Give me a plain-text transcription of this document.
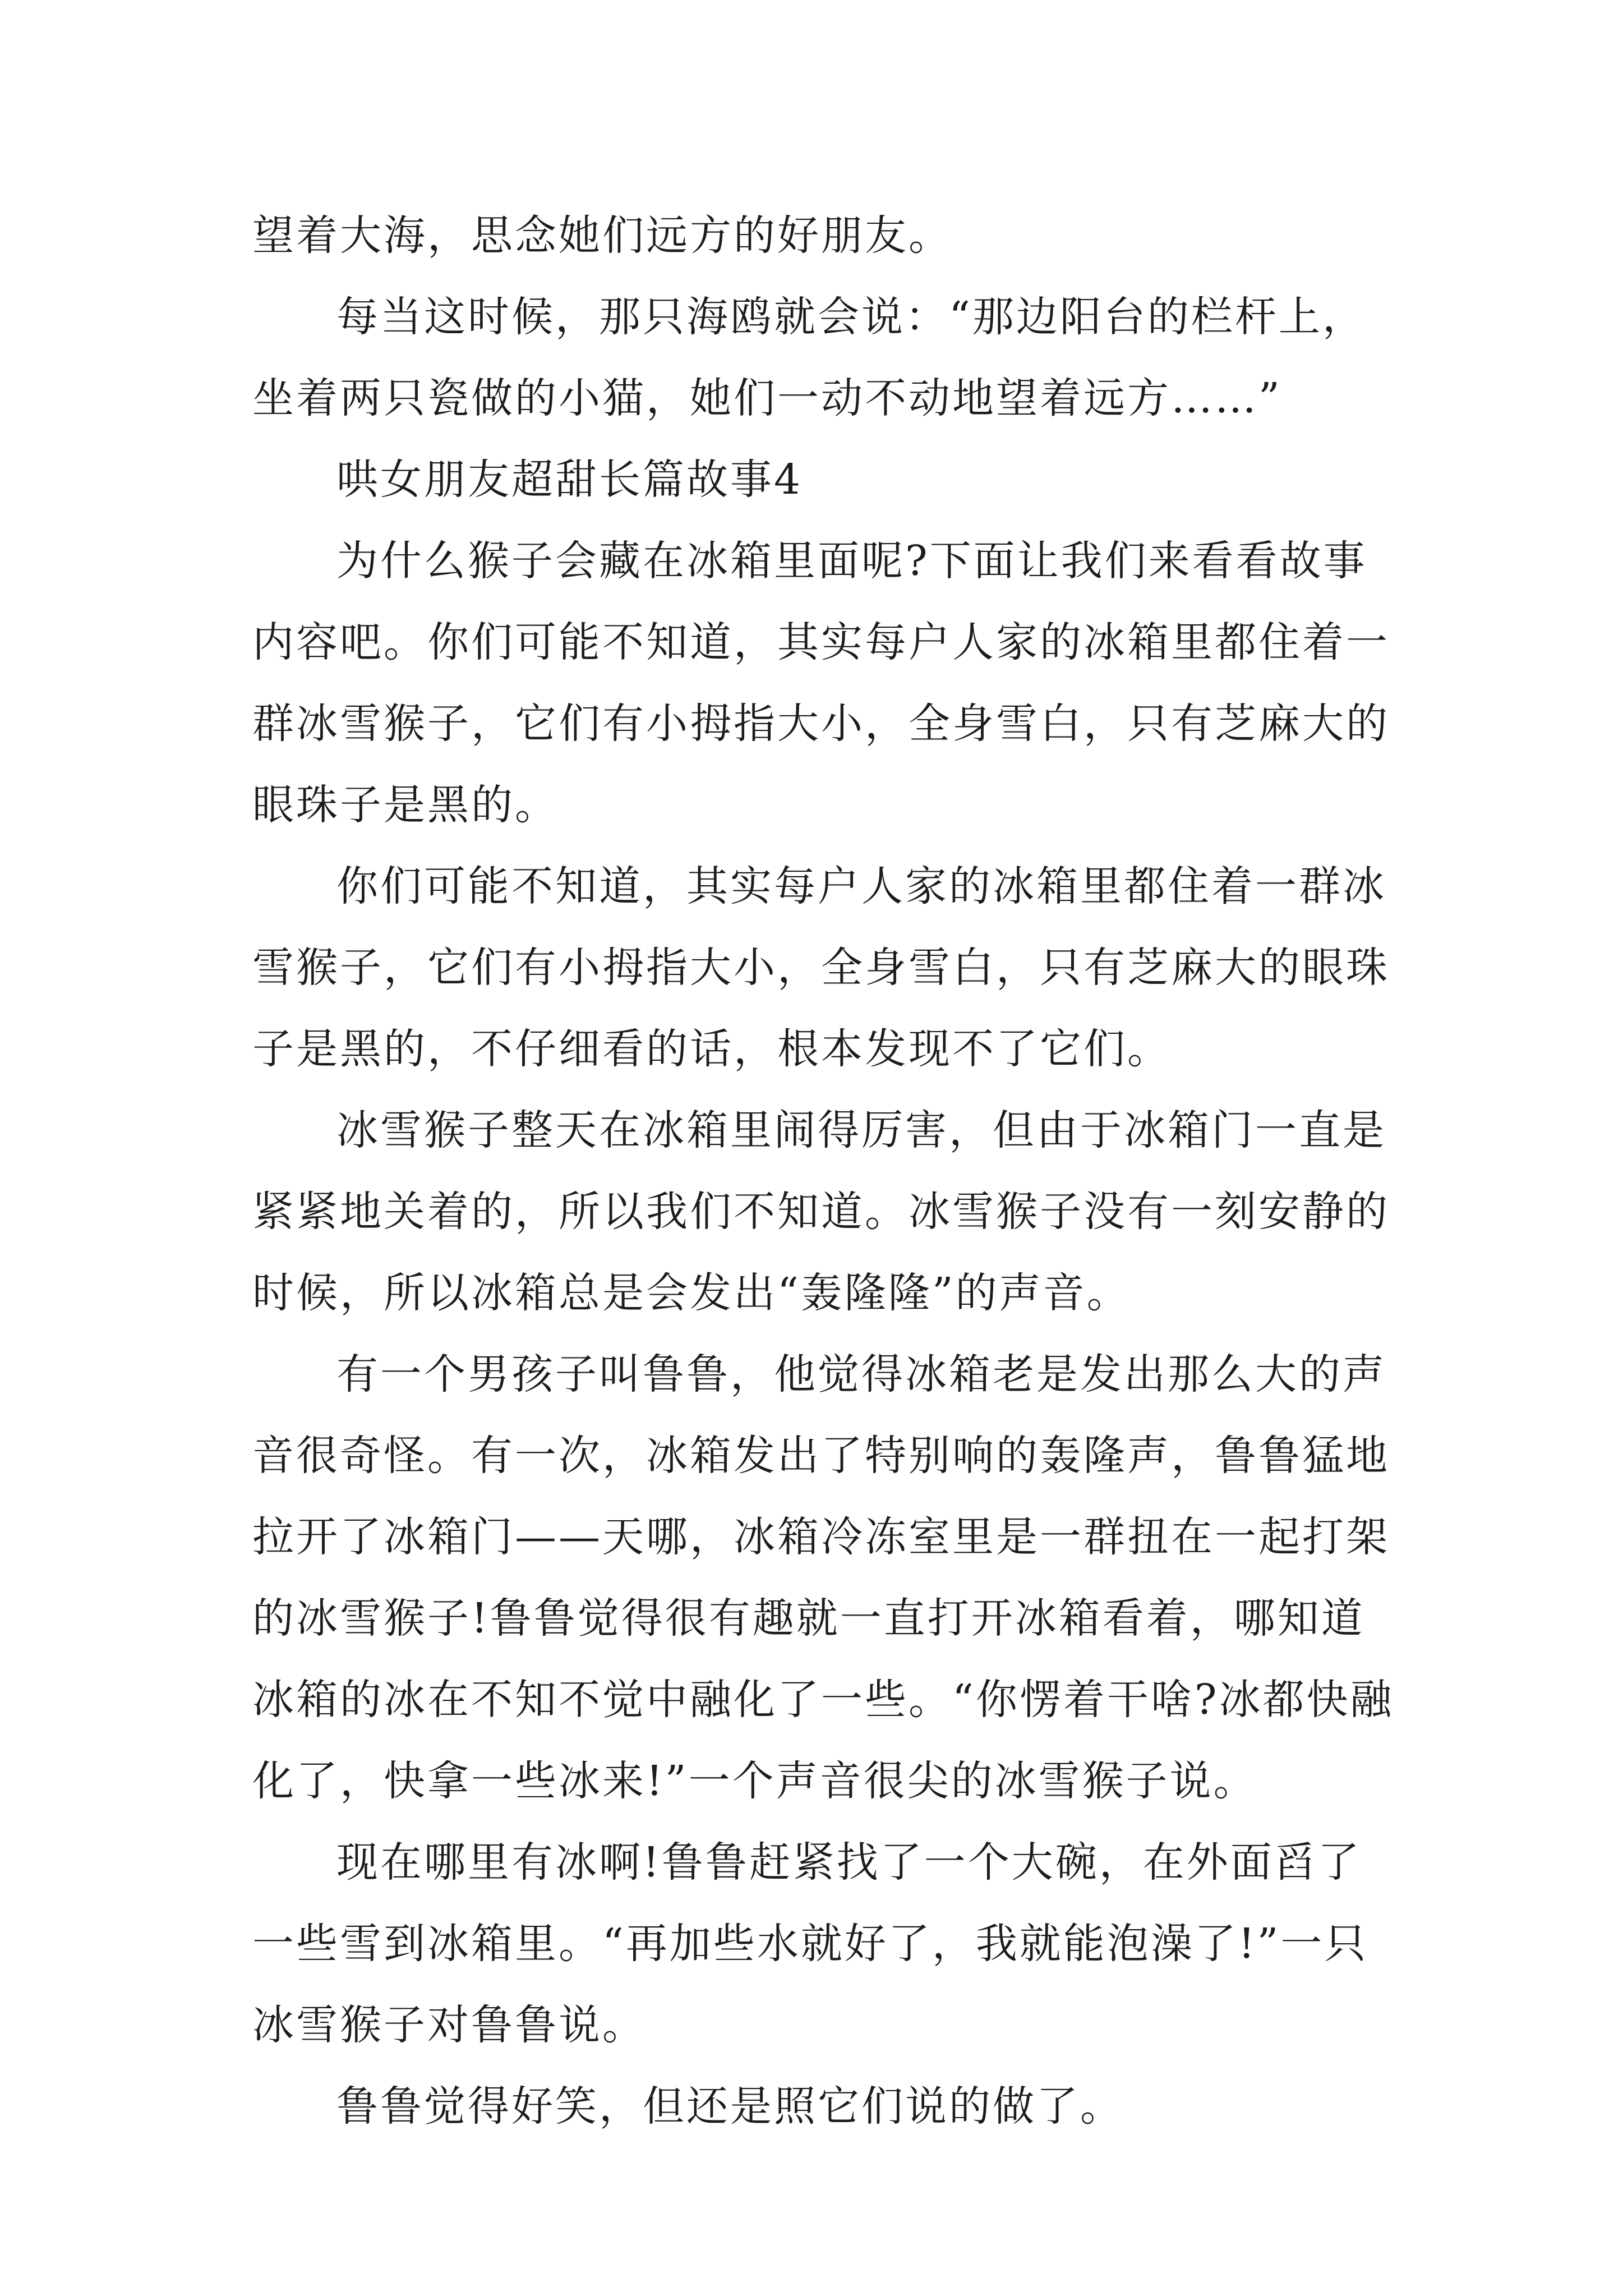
望着大海，思念她们远方的好朋友。

每当这时候，那只海鸥就会说：“那边阳台的栏杆上，

坐着两只瓷做的小猫，她们一动不动地望着远方……”

哄女朋友超甜长篇故事4

为什么猴子会藏在冰箱里面呢?下面让我们来看看故事

内容吧。你们可能不知道，其实每户人家的冰箱里都住着一

群冰雪猴子，它们有小拇指大小，全身雪白，只有芝麻大的

眼珠子是黑的。

你们可能不知道，其实每户人家的冰箱里都住着一群冰

雪猴子，它们有小拇指大小，全身雪白，只有芝麻大的眼珠

子是黑的，不仔细看的话，根本发现不了它们。

冰雪猴子整天在冰箱里闹得厉害，但由于冰箱门一直是

紧紧地关着的，所以我们不知道。冰雪猴子没有一刻安静的

时候，所以冰箱总是会发出“轰隆隆”的声音。

有一个男孩子叫鲁鲁，他觉得冰箱老是发出那么大的声

音很奇怪。有一次，冰箱发出了特别响的轰隆声，鲁鲁猛地

拉开了冰箱门——天哪，冰箱冷冻室里是一群扭在一起打架

的冰雪猴子!鲁鲁觉得很有趣就一直打开冰箱看着，哪知道

冰箱的冰在不知不觉中融化了一些。“你愣着干啥?冰都快融

化了，快拿一些冰来!”一个声音很尖的冰雪猴子说。

现在哪里有冰啊!鲁鲁赶紧找了一个大碗，在外面舀了

一些雪到冰箱里。“再加些水就好了，我就能泡澡了!”一只

冰雪猴子对鲁鲁说。

鲁鲁觉得好笑，但还是照它们说的做了。
